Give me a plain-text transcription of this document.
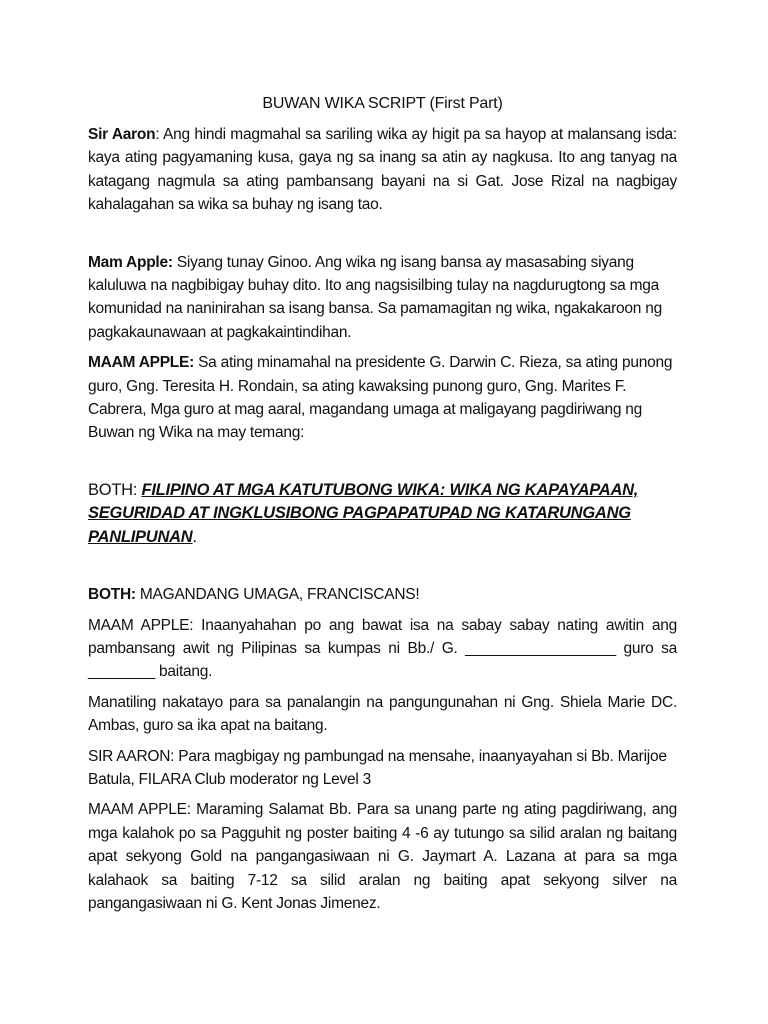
BUWAN WIKA SCRIPT (First Part)

Sir Aaron: Ang hindi magmahal sa sariling wika ay higit pa sa hayop at malansang isda: kaya ating pagyamaning kusa, gaya ng sa inang sa atin ay nagkusa. Ito ang tanyag na katagang nagmula sa ating pambansang bayani na si Gat. Jose Rizal na nagbigay kahalagahan sa wika sa buhay ng isang tao.

Mam Apple: Siyang tunay Ginoo. Ang wika ng isang bansa ay masasabing siyang kaluluwa na nagbibigay buhay dito. Ito ang nagsisilbing tulay na nagdurugtong sa mga komunidad na naninirahan sa isang bansa. Sa pamamagitan ng wika, ngakakaroon ng pagkakaunawaan at pagkakaintindihan.

MAAM APPLE: Sa ating minamahal na presidente G. Darwin C. Rieza, sa ating punong guro, Gng. Teresita H. Rondain, sa ating kawaksing punong guro, Gng. Marites F. Cabrera, Mga guro at mag aaral, magandang umaga at maligayang pagdiriwang ng Buwan ng Wika na may temang:

BOTH: FILIPINO AT MGA KATUTUBONG WIKA: WIKA NG KAPAYAPAAN, SEGURIDAD AT INGKLUSIBONG PAGPAPATUPAD NG KATARUNGANG PANLIPUNAN.

BOTH: MAGANDANG UMAGA, FRANCISCANS!

MAAM APPLE: Inaanyahahan po ang bawat isa na sabay sabay nating awitin ang pambansang awit ng Pilipinas sa kumpas ni Bb./ G. __________________ guro sa ________ baitang.

Manatiling nakatayo para sa panalangin na pangungunahan ni Gng. Shiela Marie DC. Ambas, guro sa ika apat na baitang.

SIR AARON: Para magbigay ng pambungad na mensahe, inaanyayahan si Bb. Marijoe Batula, FILARA Club moderator ng Level 3

MAAM APPLE: Maraming Salamat Bb. Para sa unang parte ng ating pagdiriwang, ang mga kalahok po sa Pagguhit ng poster baiting 4 -6 ay tutungo sa silid aralan ng baitang apat sekyong Gold na pangangasiwaan ni G. Jaymart A. Lazana at para sa mga kalahaok sa baiting 7-12 sa silid aralan ng baiting apat sekyong silver na pangangasiwaan ni G. Kent Jonas Jimenez.
